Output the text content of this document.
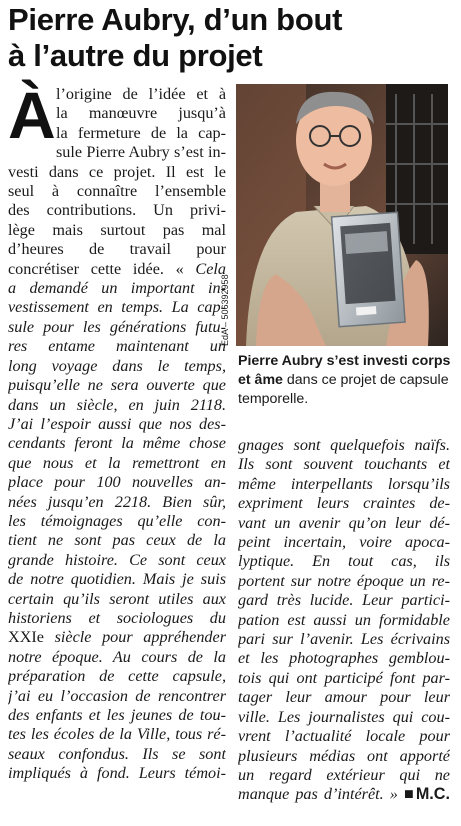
Pierre Aubry, d’un bout
à l’autre du projet
À l’origine de l’idée et à
la manœuvre jusqu’à
la fermeture de la cap-
sule Pierre Aubry s’est in-
vesti dans ce projet. Il est le
seul à connaître l’ensemble
des contributions. Un privi-
lège mais surtout pas mal
d’heures de travail pour
concrétiser cette idée. « Cela
a demandé un important in-
vestissement en temps. La cap-
sule pour les générations futu-
res entame maintenant un
long voyage dans le temps,
puisqu’elle ne sera ouverte que
dans un siècle, en juin 2118.
J’ai l’espoir aussi que nos des-
cendants feront la même chose
que nous et la remettront en
place pour 100 nouvelles an-
nées jusqu’en 2218. Bien sûr,
les témoignages qu’elle con-
tient ne sont pas ceux de la
grande histoire. Ce sont ceux
de notre quotidien. Mais je suis
certain qu’ils seront utiles aux
historiens et sociologues du
XXIe siècle pour appréhender
notre époque. Au cours de la
préparation de cette capsule,
j’ai eu l’occasion de rencontrer
des enfants et les jeunes de tou-
tes les écoles de la Ville, tous ré-
seaux confondus. Ils se sont
impliqués à fond. Leurs témoi-
EdA – 506392958
Pierre Aubry s’est investi corps et âme dans ce projet de capsule temporelle.
gnages sont quelquefois naïfs.
Ils sont souvent touchants et
même interpellants lorsqu’ils
expriment leurs craintes de-
vant un avenir qu’on leur dé-
peint incertain, voire apoca-
lyptique. En tout cas, ils
portent sur notre époque un re-
gard très lucide. Leur partici-
pation est aussi un formidable
pari sur l’avenir. Les écrivains
et les photographes gemblou-
tois qui ont participé font par-
tager leur amour pour leur
ville. Les journalistes qui cou-
vrent l’actualité locale pour
plusieurs médias ont apporté
un regard extérieur qui ne
manque pas d’intérêt. » ■M.C.
